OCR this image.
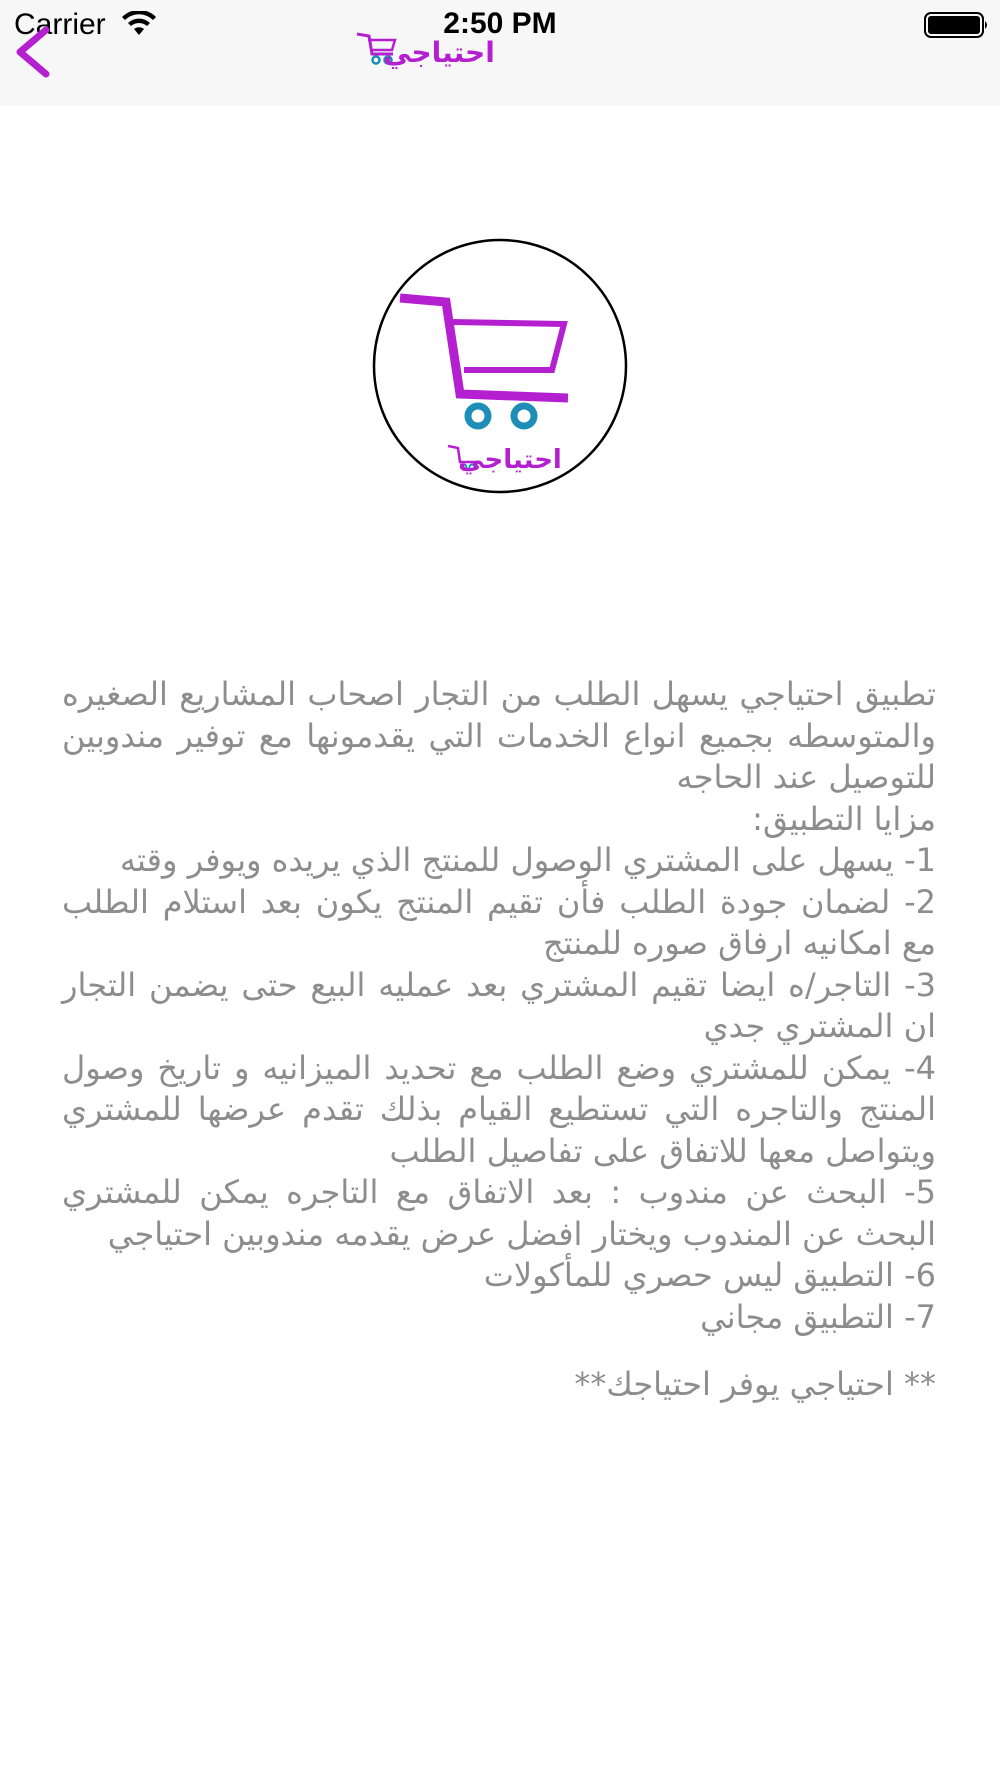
Carrier	2:50 PM
احتياجي
احتياجي

تطبيق احتياجي يسهل الطلب من التجار اصحاب المشاريع الصغيره والمتوسطه بجميع انواع الخدمات التي يقدمونها مع توفير مندوبين للتوصيل عند الحاجه

مزايا التطبيق:

1- يسهل على المشتري الوصول للمنتج الذي يريده ويوفر وقته

2- لضمان جودة الطلب فأن تقيم المنتج يكون بعد استلام الطلب مع امكانيه ارفاق صوره للمنتج

3- التاجر/ه ايضا تقيم المشتري بعد عمليه البيع حتى يضمن التجار ان المشتري جدي

4- يمكن للمشتري وضع الطلب مع تحديد الميزانيه و تاريخ وصول المنتج والتاجره التي تستطيع القيام بذلك تقدم عرضها للمشتري ويتواصل معها للاتفاق على تفاصيل الطلب

5- البحث عن مندوب : بعد الاتفاق مع التاجره يمكن للمشتري البحث عن المندوب ويختار افضل عرض يقدمه مندوبين احتياجي

6- التطبيق ليس حصري للمأكولات

7- التطبيق مجاني

** احتياجي يوفر احتياجك**
